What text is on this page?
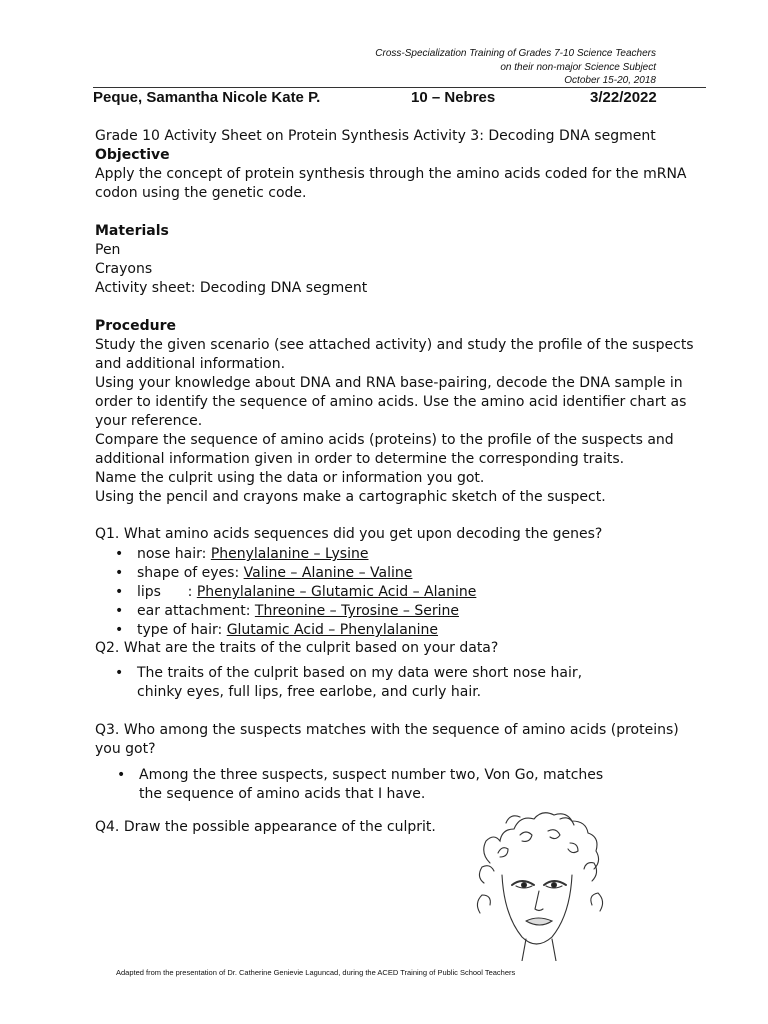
Cross-Specialization Training of Grades 7-10 Science Teachers
on their non-major Science Subject
October 15-20, 2018
Peque, Samantha Nicole Kate P.	10 – Nebres	3/22/2022
Grade 10 Activity Sheet on Protein Synthesis Activity 3: Decoding DNA segment
Objective
Apply the concept of protein synthesis through the amino acids coded for the mRNA
codon using the genetic code.
Materials
Pen
Crayons
Activity sheet: Decoding DNA segment
Procedure
Study the given scenario (see attached activity) and study the profile of the suspects
and additional information.
Using your knowledge about DNA and RNA base-pairing, decode the DNA sample in
order to identify the sequence of amino acids. Use the amino acid identifier chart as
your reference.
Compare the sequence of amino acids (proteins) to the profile of the suspects and
additional information given in order to determine the corresponding traits.
Name the culprit using the data or information you got.
Using the pencil and crayons make a cartographic sketch of the suspect.
Q1. What amino acids sequences did you get upon decoding the genes?
• nose hair: Phenylalanine – Lysine
• shape of eyes: Valine – Alanine – Valine
• lips      : Phenylalanine – Glutamic Acid – Alanine
• ear attachment: Threonine – Tyrosine – Serine
• type of hair: Glutamic Acid – Phenylalanine
Q2. What are the traits of the culprit based on your data?
• The traits of the culprit based on my data were short nose hair,
chinky eyes, full lips, free earlobe, and curly hair.
Q3. Who among the suspects matches with the sequence of amino acids (proteins)
you got?
• Among the three suspects, suspect number two, Von Go, matches
the sequence of amino acids that I have.
Q4. Draw the possible appearance of the culprit.
Adapted from the presentation of Dr. Catherine Genievie Laguncad, during the ACED Training of Public School Teachers
